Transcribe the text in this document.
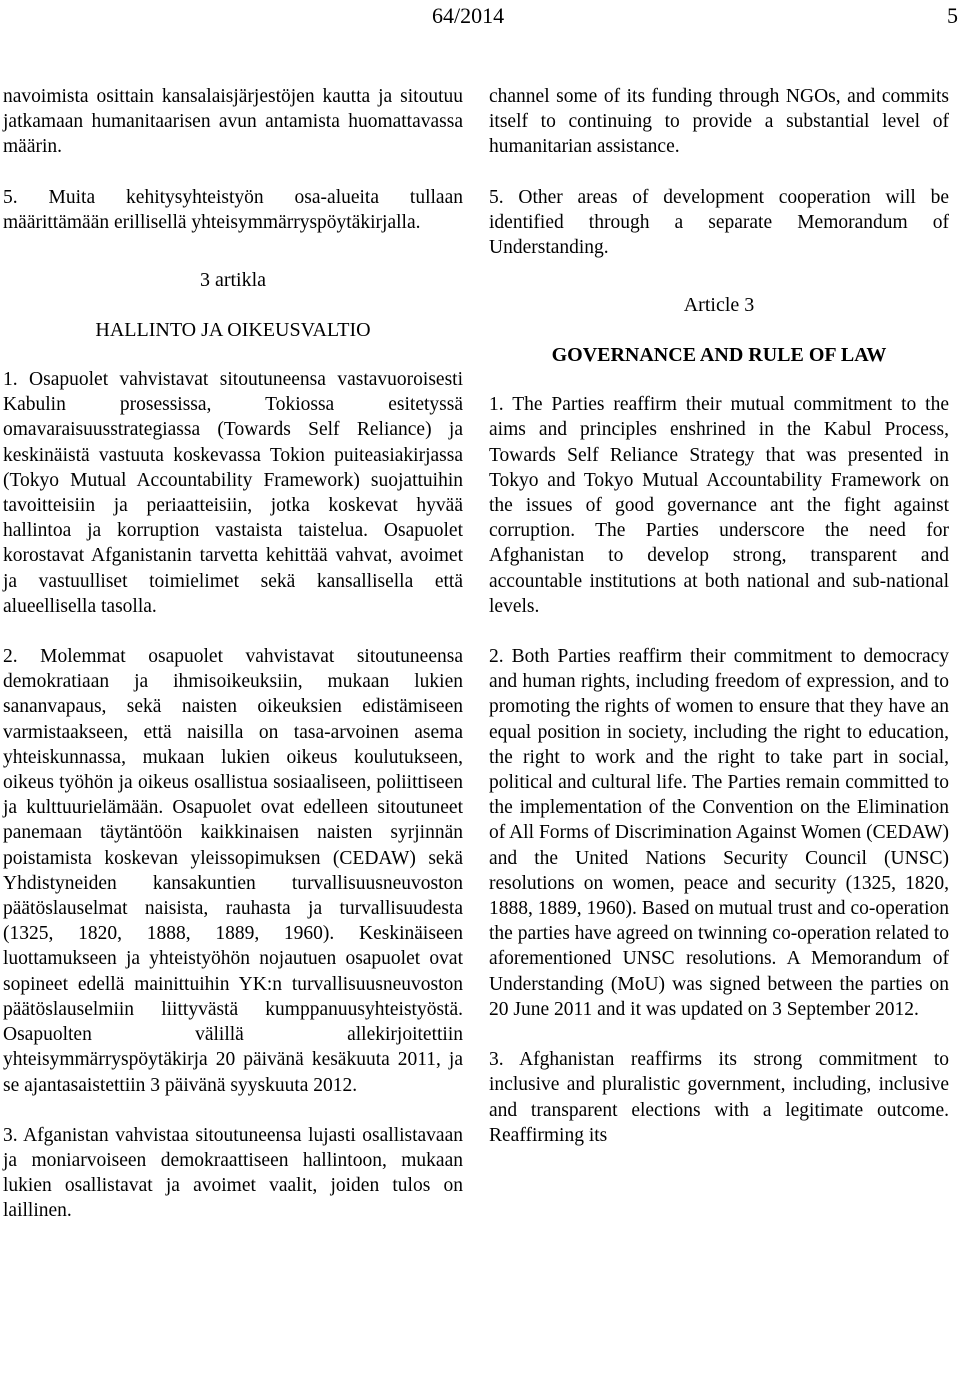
64/2014	5

navoimista osittain kansalaisjärjestöjen kautta ja sitoutuu jatkamaan humanitaarisen avun antamista huomattavassa määrin.

5. Muita kehitysyhteistyön osa-alueita tullaan määrittämään erillisellä yhteisymmärryspöytäkirjalla.

3 artikla

HALLINTO JA OIKEUSVALTIO

1. Osapuolet vahvistavat sitoutuneensa vastavuoroisesti Kabulin prosessissa, Tokiossa esitetyssä omavaraisuusstrategiassa (Towards Self Reliance) ja keskinäistä vastuuta koskevassa Tokion puiteasiakirjassa (Tokyo Mutual Accountability Framework) suojattuihin tavoitteisiin ja periaatteisiin, jotka koskevat hyvää hallintoa ja korruption vastaista taistelua. Osapuolet korostavat Afganistanin tarvetta kehittää vahvat, avoimet ja vastuulliset toimielimet sekä kansallisella että alueellisella tasolla.

2. Molemmat osapuolet vahvistavat sitoutuneensa demokratiaan ja ihmisoikeuksiin, mukaan lukien sananvapaus, sekä naisten oikeuksien edistämiseen varmistaakseen, että naisilla on tasa-arvoinen asema yhteiskunnassa, mukaan lukien oikeus koulutukseen, oikeus työhön ja oikeus osallistua sosiaaliseen, poliittiseen ja kulttuurielämään. Osapuolet ovat edelleen sitoutuneet panemaan täytäntöön kaikkinaisen naisten syrjinnän poistamista koskevan yleissopimuksen (CEDAW) sekä Yhdistyneiden kansakuntien turvallisuusneuvoston päätöslauselmat naisista, rauhasta ja turvallisuudesta (1325, 1820, 1888, 1889, 1960). Keskinäiseen luottamukseen ja yhteistyöhön nojautuen osapuolet ovat sopineet edellä mainittuihin YK:n turvallisuusneuvoston päätöslauselmiin liittyvästä kumppanuusyhteistyöstä. Osapuolten välillä allekirjoitettiin yhteisymmärryspöytäkirja 20 päivänä kesäkuuta 2011, ja se ajantasaistettiin 3 päivänä syyskuuta 2012.

3. Afganistan vahvistaa sitoutuneensa lujasti osallistavaan ja moniarvoiseen demokraattiseen hallintoon, mukaan lukien osallistavat ja avoimet vaalit, joiden tulos on laillinen.

channel some of its funding through NGOs, and commits itself to continuing to provide a substantial level of humanitarian assistance.

5. Other areas of development cooperation will be identified through a separate Memorandum of Understanding.

Article 3

GOVERNANCE AND RULE OF LAW

1. The Parties reaffirm their mutual commitment to the aims and principles enshrined in the Kabul Process, Towards Self Reliance Strategy that was presented in Tokyo and Tokyo Mutual Accountability Framework on the issues of good governance ant the fight against corruption. The Parties underscore the need for Afghanistan to develop strong, transparent and accountable institutions at both national and sub-national levels.

2. Both Parties reaffirm their commitment to democracy and human rights, including freedom of expression, and to promoting the rights of women to ensure that they have an equal position in society, including the right to education, the right to work and the right to take part in social, political and cultural life. The Parties remain committed to the implementation of the Convention on the Elimination of All Forms of Discrimination Against Women (CEDAW) and the United Nations Security Council (UNSC) resolutions on women, peace and security (1325, 1820, 1888, 1889, 1960). Based on mutual trust and co-operation the parties have agreed on twinning co-operation related to aforementioned UNSC resolutions. A Memorandum of Understanding (MoU) was signed between the parties on 20 June 2011 and it was updated on 3 September 2012.

3. Afghanistan reaffirms its strong commitment to inclusive and pluralistic government, including, inclusive and transparent elections with a legitimate outcome. Reaffirming its
